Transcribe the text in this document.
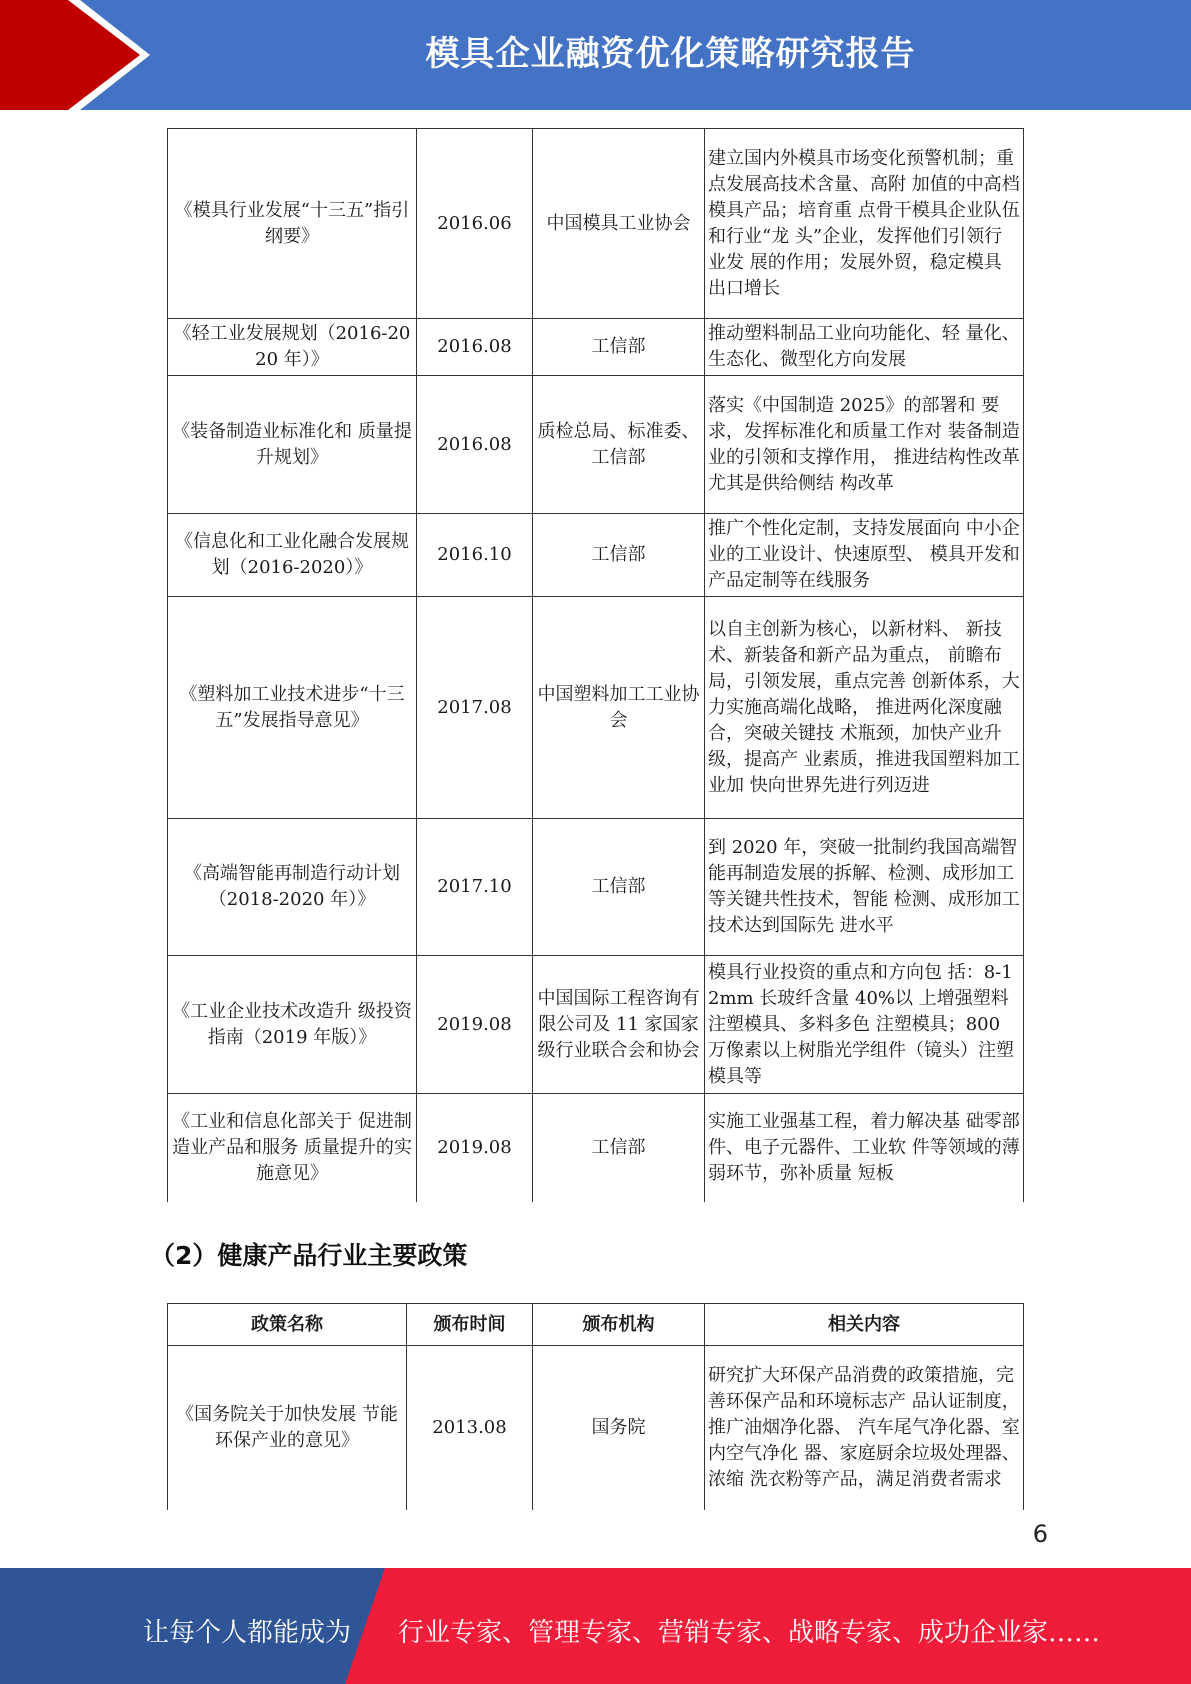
模具企业融资优化策略研究报告
《模具行业发展“十三五”指引纲要》	2016.06	中国模具工业协会	建立国内外模具市场变化预警机制；重点发展高技术含量、高附 加值的中高档模具产品；培育重 点骨干模具企业队伍和行业“龙 头”企业，发挥他们引领行业发 展的作用；发展外贸，稳定模具 出口增长
《轻工业发展规划（2016-2020 年）》	2016.08	工信部	推动塑料制品工业向功能化、轻 量化、生态化、微型化方向发展
《装备制造业标准化和 质量提升规划》	2016.08	质检总局、标准委、工信部	落实《中国制造 2025》的部署和 要求，发挥标准化和质量工作对 装备制造业的引领和支撑作用， 推进结构性改革尤其是供给侧结 构改革
《信息化和工业化融合发展规划（2016-2020）》	2016.10	工信部	推广个性化定制，支持发展面向 中小企业的工业设计、快速原型、 模具开发和产品定制等在线服务
《塑料加工业技术进步“十三五”发展指导意见》	2017.08	中国塑料加工工业协会	以自主创新为核心，以新材料、 新技术、新装备和新产品为重点， 前瞻布局，引领发展，重点完善 创新体系，大力实施高端化战略， 推进两化深度融合，突破关键技 术瓶颈，加快产业升级，提高产 业素质，推进我国塑料加工业加 快向世界先进行列迈进
《高端智能再制造行动计划（2018-2020 年）》	2017.10	工信部	到 2020 年，突破一批制约我国高端智能再制造发展的拆解、检测、成形加工等关键共性技术，智能 检测、成形加工技术达到国际先 进水平
《工业企业技术改造升 级投资指南（2019 年版）》	2019.08	中国国际工程咨询有限公司及 11 家国家级行业联合会和协会	模具行业投资的重点和方向包 括：8-12mm 长玻纤含量 40%以 上增强塑料注塑模具、多料多色 注塑模具；800 万像素以上树脂光学组件（镜头）注塑模具等
《工业和信息化部关于 促进制造业产品和服务 质量提升的实施意见》	2019.08	工信部	实施工业强基工程，着力解决基 础零部件、电子元器件、工业软 件等领域的薄弱环节，弥补质量 短板
（2）健康产品行业主要政策
政策名称	颁布时间	颁布机构	相关内容
《国务院关于加快发展 节能环保产业的意见》	2013.08	国务院	研究扩大环保产品消费的政策措施，完善环保产品和环境标志产 品认证制度，推广油烟净化器、 汽车尾气净化器、室内空气净化 器、家庭厨余垃圾处理器、浓缩 洗衣粉等产品，满足消费者需求
6
让每个人都能成为 行业专家、管理专家、营销专家、战略专家、成功企业家……
